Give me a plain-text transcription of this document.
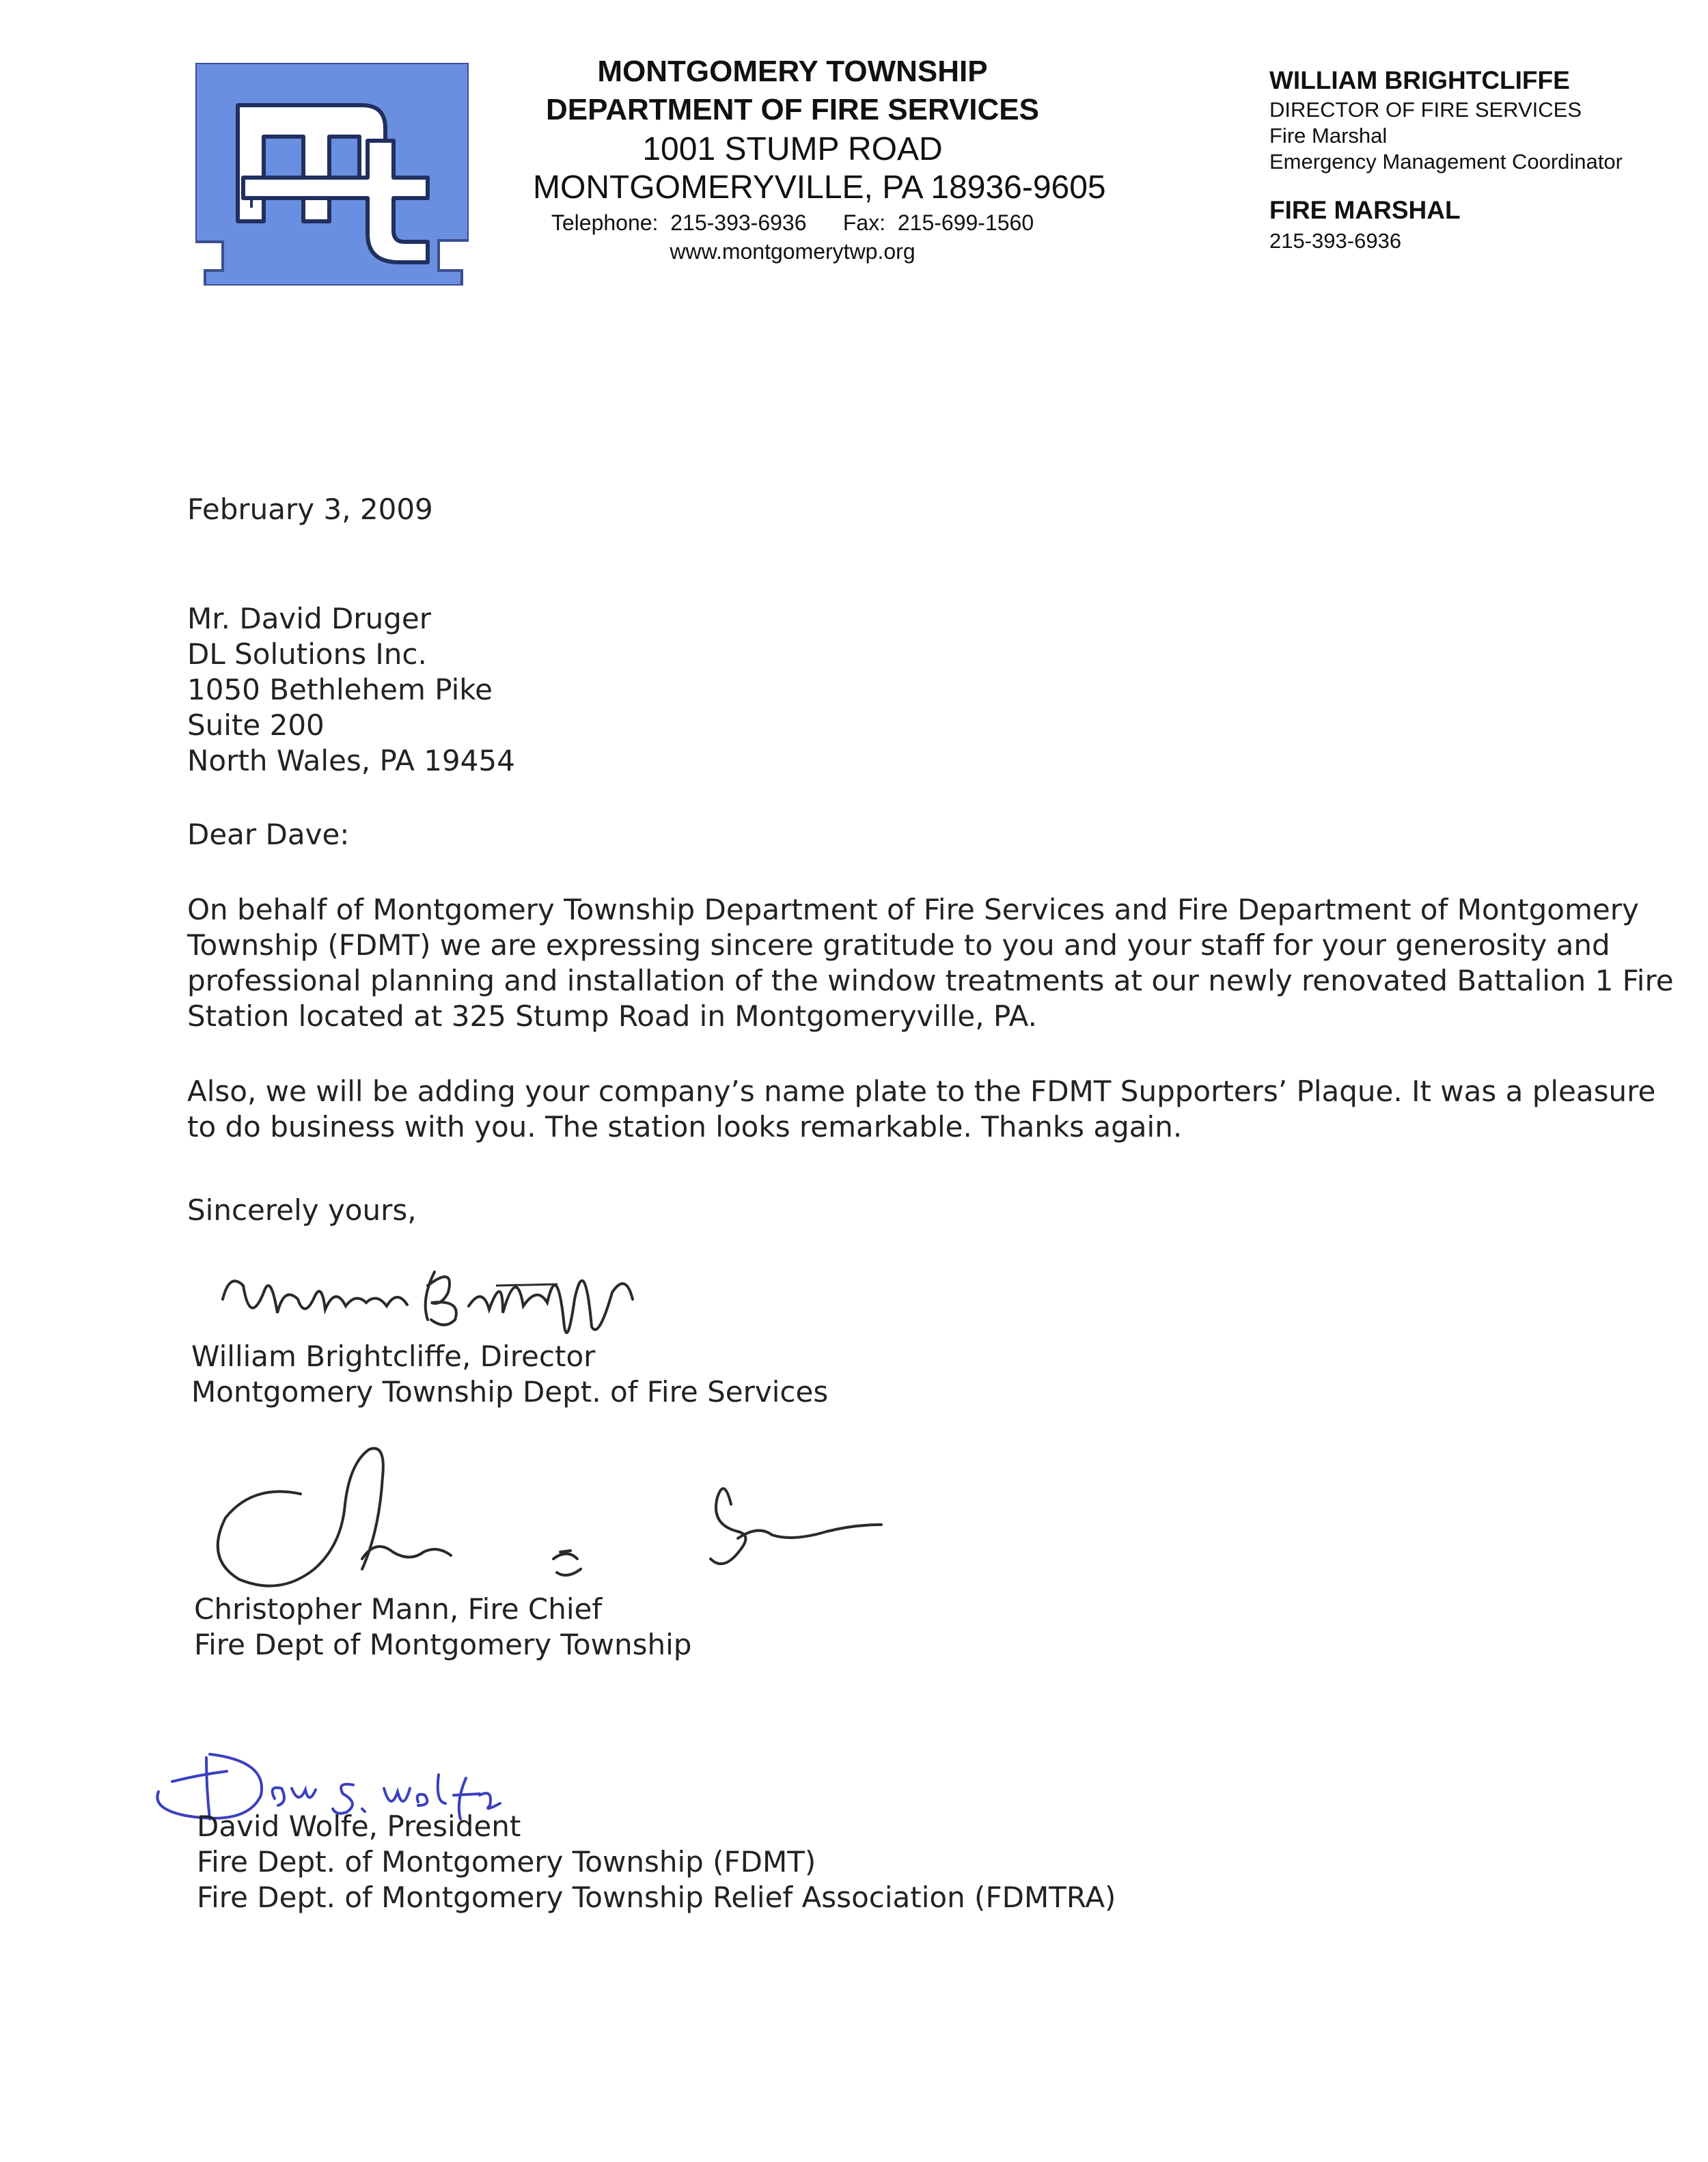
MONTGOMERY TOWNSHIP
DEPARTMENT OF FIRE SERVICES
1001 STUMP ROAD
MONTGOMERYVILLE, PA 18936-9605
Telephone:  215-393-6936      Fax:  215-699-1560
www.montgomerytwp.org
WILLIAM BRIGHTCLIFFE
DIRECTOR OF FIRE SERVICES
Fire Marshal
Emergency Management Coordinator
FIRE MARSHAL
215-393-6936
February 3, 2009
Mr. David Druger
DL Solutions Inc.
1050 Bethlehem Pike
Suite 200
North Wales, PA 19454
Dear Dave:
On behalf of Montgomery Township Department of Fire Services and Fire Department of Montgomery
Township (FDMT) we are expressing sincere gratitude to you and your staff for your generosity and
professional planning and installation of the window treatments at our newly renovated Battalion 1 Fire
Station located at 325 Stump Road in Montgomeryville, PA.
Also, we will be adding your company’s name plate to the FDMT Supporters’ Plaque. It was a pleasure
to do business with you. The station looks remarkable. Thanks again.
Sincerely yours,
William Brightcliffe, Director
Montgomery Township Dept. of Fire Services
Christopher Mann, Fire Chief
Fire Dept of Montgomery Township
David Wolfe, President
Fire Dept. of Montgomery Township (FDMT)
Fire Dept. of Montgomery Township Relief Association (FDMTRA)
